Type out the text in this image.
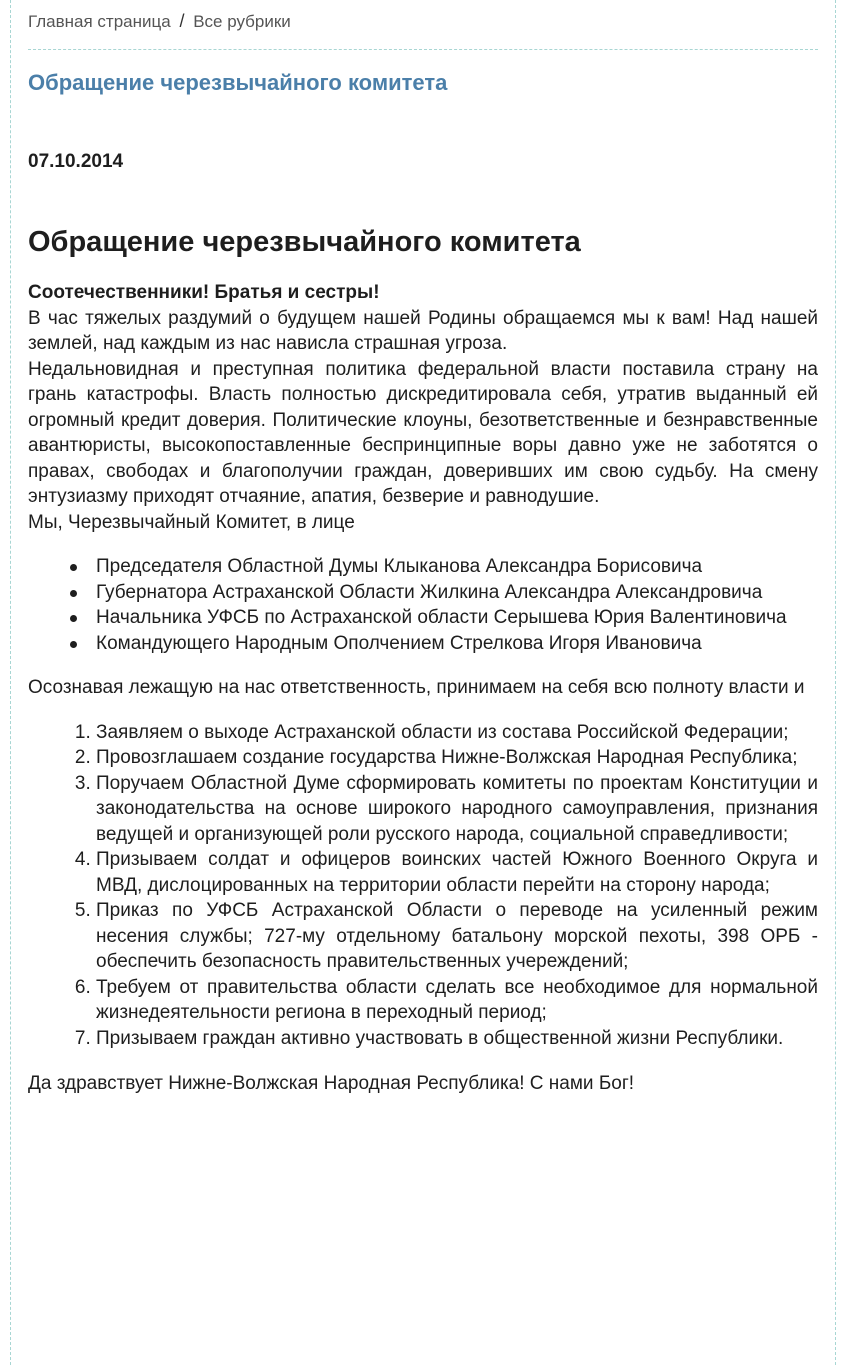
Главная страница / Все рубрики
Обращение черезвычайного комитета
07.10.2014
Обращение черезвычайного комитета

Соотечественники! Братья и сестры!

В час тяжелых раздумий о будущем нашей Родины обращаемся мы к вам! Над нашей землей, над каждым из нас нависла страшная угроза.

Недальновидная и преступная политика федеральной власти поставила страну на грань катастрофы. Власть полностью дискредитировала себя, утратив выданный ей огромный кредит доверия. Политические клоуны, безответственные и безнравственные авантюристы, высокопоставленные беспринципные воры давно уже не заботятся о правах, свободах и благополучии граждан, доверивших им свою судьбу. На смену энтузиазму приходят отчаяние, апатия, безверие и равнодушие.

Мы, Черезвычайный Комитет, в лице

Председателя Областной Думы Клыканова Александра Борисовича
Губернатора Астраханской Области Жилкина Александра Александровича
Начальника УФСБ по Астраханской области Серышева Юрия Валентиновича
Командующего Народным Ополчением Стрелкова Игоря Ивановича

Осознавая лежащую на нас ответственность, принимаем на себя всю полноту власти и

1. Заявляем о выходе Астраханской области из состава Российской Федерации;
2. Провозглашаем создание государства Нижне-Волжская Народная Республика;
3. Поручаем Областной Думе сформировать комитеты по проектам Конституции и законодательства на основе широкого народного самоуправления, признания ведущей и организующей роли русского народа, социальной справедливости;
4. Призываем солдат и офицеров воинских частей Южного Военного Округа и МВД, дислоцированных на территории области перейти на сторону народа;
5. Приказ по УФСБ Астраханской Области о переводе на усиленный режим несения службы; 727-му отдельному батальону морской пехоты, 398 ОРБ - обеспечить безопасность правительственных учереждений;
6. Требуем от правительства области сделать все необходимое для нормальной жизнедеятельности региона в переходный период;
7. Призываем граждан активно участвовать в общественной жизни Республики.

Да здравствует Нижне-Волжская Народная Республика! С нами Бог!
